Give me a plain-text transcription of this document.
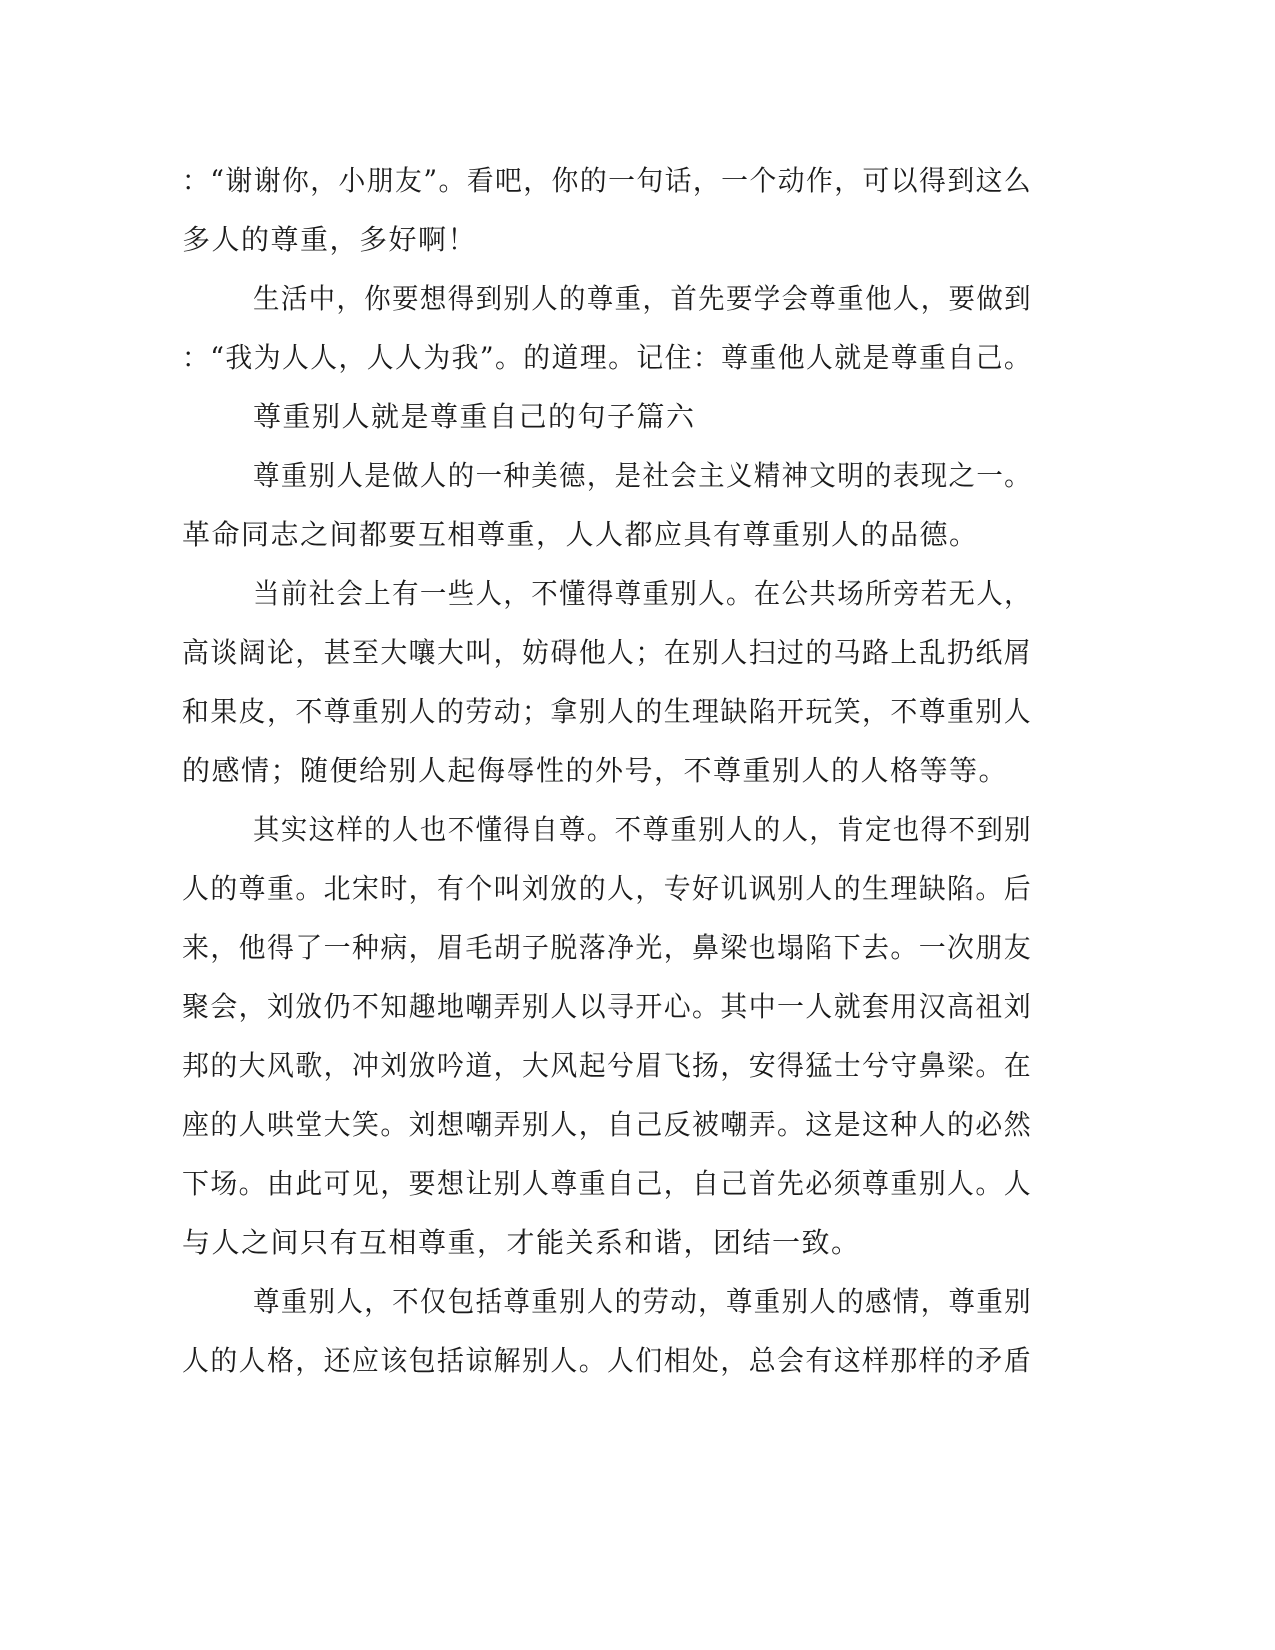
：“谢谢你，小朋友”。看吧，你的一句话，一个动作，可以得到这么
多人的尊重，多好啊！
生活中，你要想得到别人的尊重，首先要学会尊重他人，要做到
：“我为人人，人人为我”。的道理。记住：尊重他人就是尊重自己。
尊重别人就是尊重自己的句子篇六
尊重别人是做人的一种美德，是社会主义精神文明的表现之一。
革命同志之间都要互相尊重，人人都应具有尊重别人的品德。
当前社会上有一些人，不懂得尊重别人。在公共场所旁若无人，
高谈阔论，甚至大嚷大叫，妨碍他人；在别人扫过的马路上乱扔纸屑
和果皮，不尊重别人的劳动；拿别人的生理缺陷开玩笑，不尊重别人
的感情；随便给别人起侮辱性的外号，不尊重别人的人格等等。
其实这样的人也不懂得自尊。不尊重别人的人，肯定也得不到别
人的尊重。北宋时，有个叫刘攽的人，专好讥讽别人的生理缺陷。后
来，他得了一种病，眉毛胡子脱落净光，鼻梁也塌陷下去。一次朋友
聚会，刘攽仍不知趣地嘲弄别人以寻开心。其中一人就套用汉高祖刘
邦的大风歌，冲刘攽吟道，大风起兮眉飞扬，安得猛士兮守鼻梁。在
座的人哄堂大笑。刘想嘲弄别人，自己反被嘲弄。这是这种人的必然
下场。由此可见，要想让别人尊重自己，自己首先必须尊重别人。人
与人之间只有互相尊重，才能关系和谐，团结一致。
尊重别人，不仅包括尊重别人的劳动，尊重别人的感情，尊重别
人的人格，还应该包括谅解别人。人们相处，总会有这样那样的矛盾
